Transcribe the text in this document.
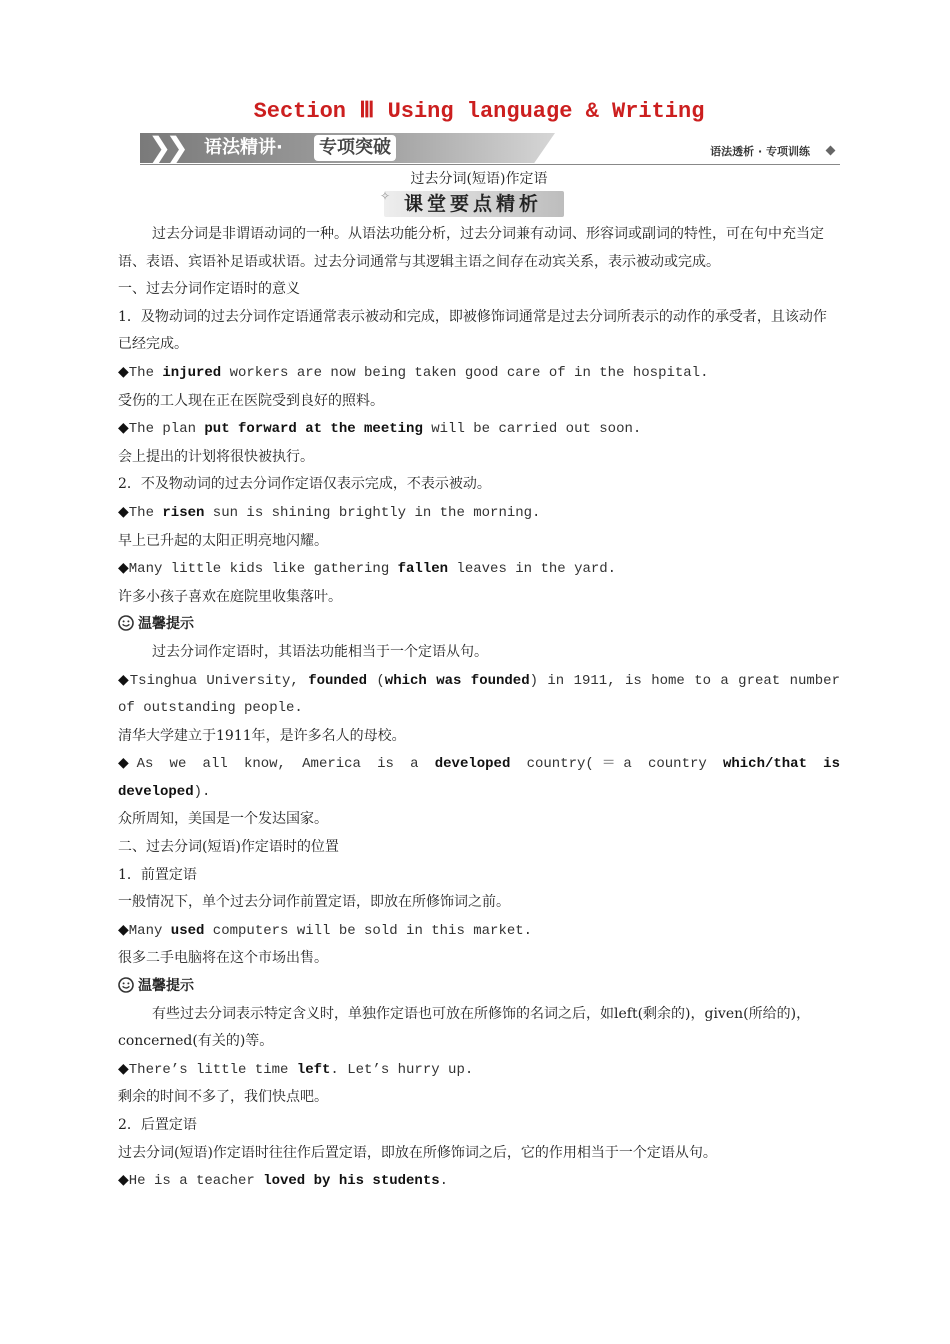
Section Ⅲ Using language & Writing
❯❯ 语法精讲· 专项突破	语法透析 · 专项训练
过去分词(短语)作定语
✧ 课堂要点精析

过去分词是非谓语动词的一种。从语法功能分析，过去分词兼有动词、形容词或副词的特性，可在句中充当定语、表语、宾语补足语或状语。过去分词通常与其逻辑主语之间存在动宾关系，表示被动或完成。

一、过去分词作定语时的意义

1．及物动词的过去分词作定语通常表示被动和完成，即被修饰词通常是过去分词所表示的动作的承受者，且该动作已经完成。

◆The injured workers are now being taken good care of in the hospital.

受伤的工人现在正在医院受到良好的照料。

◆The plan put forward at the meeting will be carried out soon.

会上提出的计划将很快被执行。

2．不及物动词的过去分词作定语仅表示完成，不表示被动。

◆The risen sun is shining brightly in the morning.

早上已升起的太阳正明亮地闪耀。

◆Many little kids like gathering fallen leaves in the yard.

许多小孩子喜欢在庭院里收集落叶。

温馨提示

过去分词作定语时，其语法功能相当于一个定语从句。

◆Tsinghua University, founded (which was founded) in 1911, is home to a great number

of outstanding people.

清华大学建立于1911年，是许多名人的母校。

◆As we all know, America is a developed country(＝a country which/that is

developed).

众所周知，美国是一个发达国家。

二、过去分词(短语)作定语时的位置

1．前置定语

一般情况下，单个过去分词作前置定语，即放在所修饰词之前。

◆Many used computers will be sold in this market.

很多二手电脑将在这个市场出售。

温馨提示

有些过去分词表示特定含义时，单独作定语也可放在所修饰的名词之后，如left(剩余的)，given(所给的)，concerned(有关的)等。

◆There’s little time left. Let’s hurry up.

剩余的时间不多了，我们快点吧。

2．后置定语

过去分词(短语)作定语时往往作后置定语，即放在所修饰词之后，它的作用相当于一个定语从句。

◆He is a teacher loved by his students.
